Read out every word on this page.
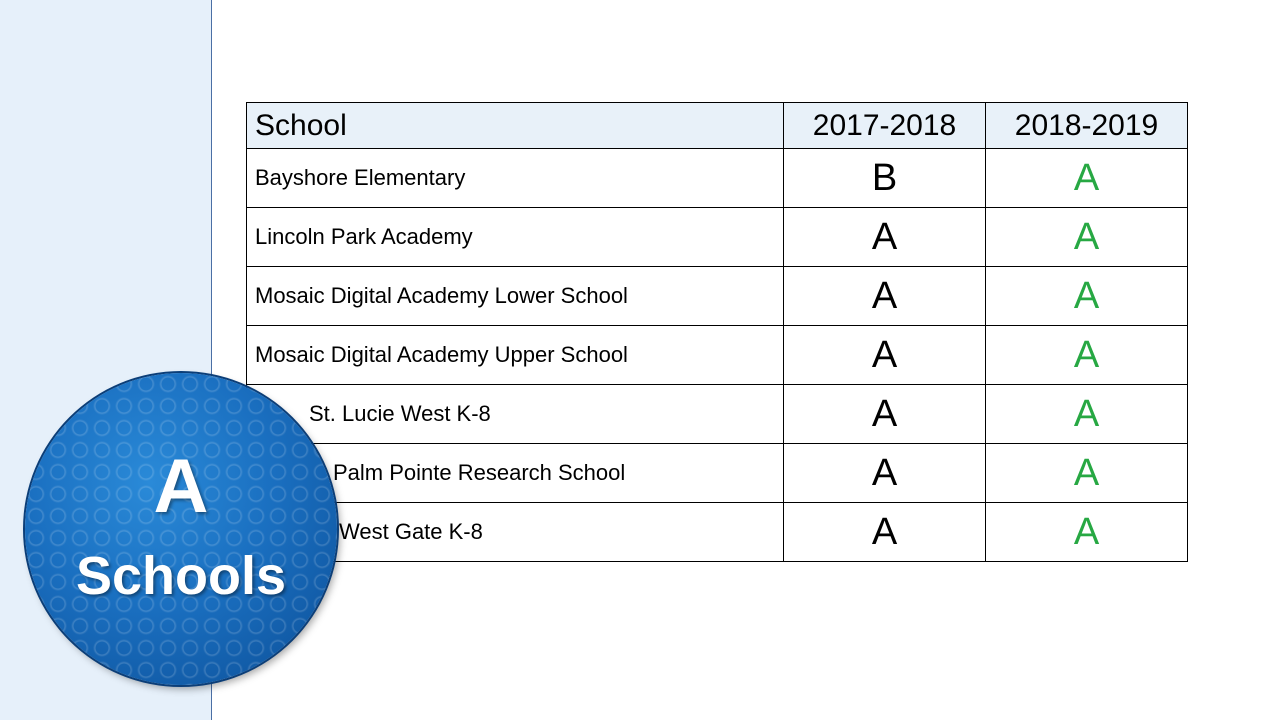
School	2017-2018	2018-2019
Bayshore Elementary	B	A
Lincoln Park Academy	A	A
Mosaic Digital Academy Lower School	A	A
Mosaic Digital Academy Upper School	A	A
St. Lucie West K-8	A	A
Palm Pointe Research School	A	A
West Gate K-8	A	A
A
Schools
